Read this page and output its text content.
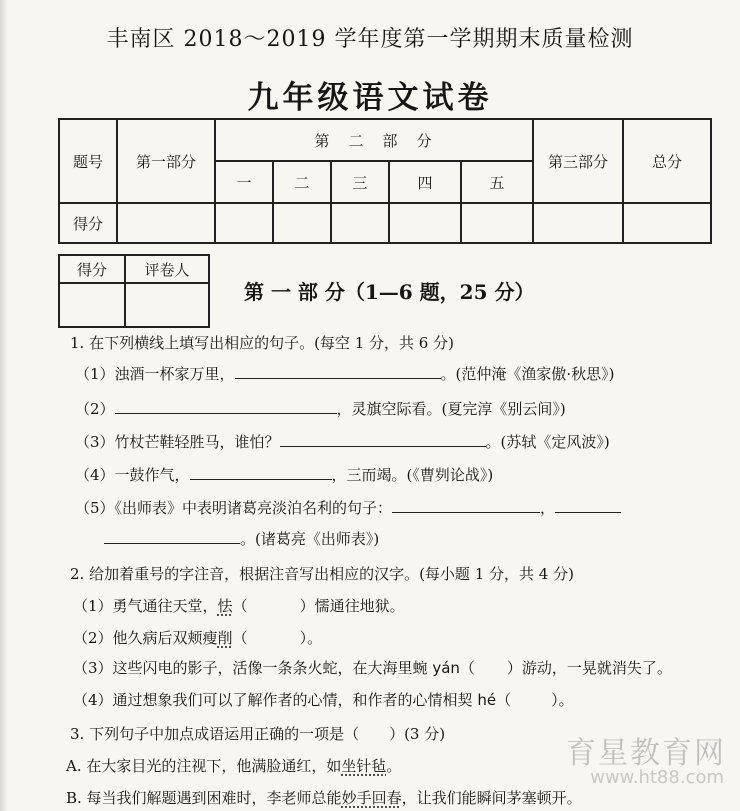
丰南区 2018～2019 学年度第一学期期末质量检测
九年级语文试卷
题号	第一部分	第　二　部　分					第三部分	总分
		一	二	三	四	五		
得分								
得分	评卷人

第 一 部 分（1—6 题，25 分）
1. 在下列横线上填写出相应的句子。(每空 1 分，共 6 分)
（1）浊酒一杯家万里，	。(范仲淹《渔家傲·秋思》)
（2）	，灵旗空际看。(夏完淳《别云间》)
（3）竹杖芒鞋轻胜马，谁怕？	。(苏轼《定风波》)
（4）一鼓作气，	，三而竭。(《曹刿论战》)
（5）《出师表》中表明诸葛亮淡泊名利的句子：	，
。(诸葛亮《出师表》)
2. 给加着重号的字注音，根据注音写出相应的汉字。(每小题 1 分，共 4 分)
（1）勇气通往天堂，怯（	）懦通往地狱。
（2）他久病后双颊瘦削（	）。
（3）这些闪电的影子，活像一条条火蛇，在大海里蜿 yán（ ）游动，一晃就消失了。
（4）通过想象我们可以了解作者的心情，和作者的心情相契 hé（	）。
3. 下列句子中加点成语运用正确的一项是（　　）(3 分)
A. 在大家目光的注视下，他满脸通红，如坐针毡。
B. 每当我们解题遇到困难时，李老师总能妙手回春，让我们能瞬间茅塞顿开。
育星教育网
www.ht88.com
